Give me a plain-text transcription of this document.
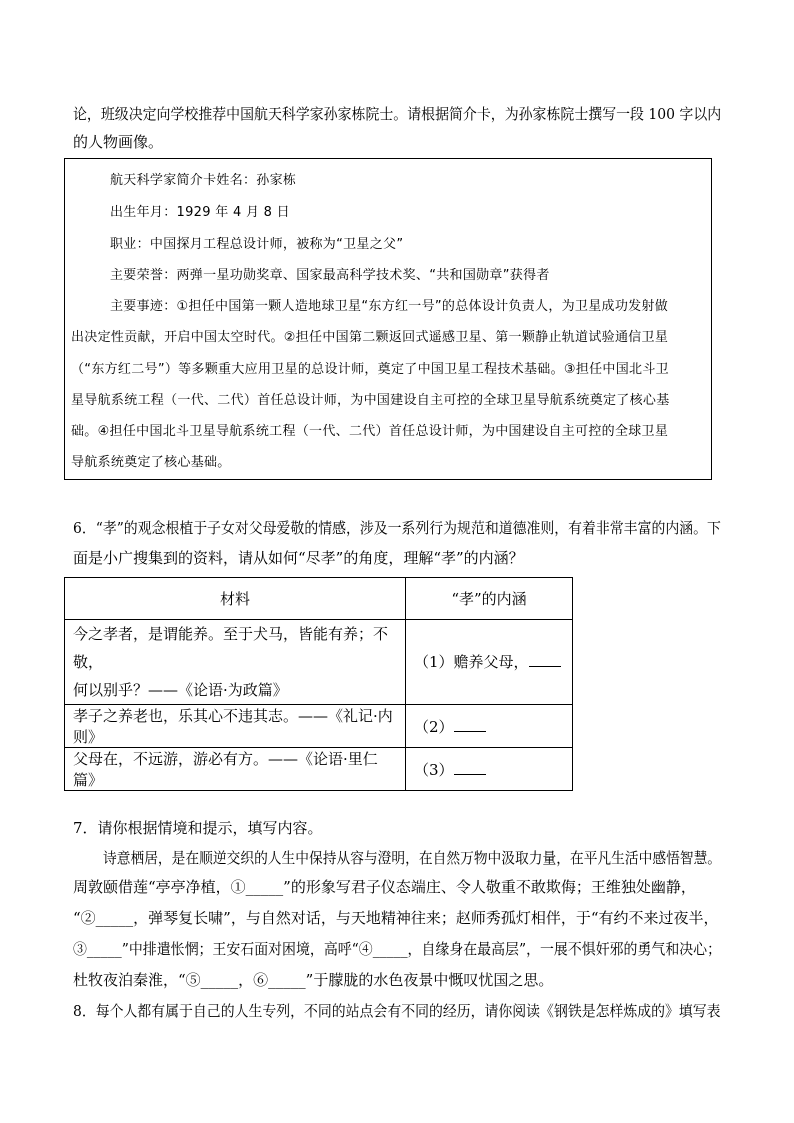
论，班级决定向学校推荐中国航天科学家孙家栋院士。请根据简介卡，为孙家栋院士撰写一段 100 字以内
的人物画像。
航天科学家简介卡姓名：孙家栋
出生年月：1929 年 4 月 8 日
职业：中国探月工程总设计师，被称为“卫星之父”
主要荣誉：两弹一星功勋奖章、国家最高科学技术奖、“共和国勋章”获得者
主要事迹：①担任中国第一颗人造地球卫星“东方红一号”的总体设计负责人，为卫星成功发射做
出决定性贡献，开启中国太空时代。②担任中国第二颗返回式遥感卫星、第一颗静止轨道试验通信卫星
（“东方红二号”）等多颗重大应用卫星的总设计师，奠定了中国卫星工程技术基础。③担任中国北斗卫
星导航系统工程（一代、二代）首任总设计师，为中国建设自主可控的全球卫星导航系统奠定了核心基
础。④担任中国北斗卫星导航系统工程（一代、二代）首任总设计师，为中国建设自主可控的全球卫星
导航系统奠定了核心基础。
6．“孝”的观念根植于子女对父母爱敬的情感，涉及一系列行为规范和道德准则，有着非常丰富的内涵。下
面是小广搜集到的资料，请从如何“尽孝”的角度，理解“孝”的内涵？
材料	“孝”的内涵

今之孝者，是谓能养。至于犬马，皆能有养；不敬，
何以别乎？——《论语·为政篇》	（1）赡养父母，
孝子之养老也，乐其心不违其志。——《礼记·内则》	（2）
父母在，不远游，游必有方。——《论语·里仁篇》	（3）
7．请你根据情境和提示，填写内容。
诗意栖居，是在顺逆交织的人生中保持从容与澄明，在自然万物中汲取力量，在平凡生活中感悟智慧。
周敦颐借莲“亭亭净植，①_____”的形象写君子仪态端庄、令人敬重不敢欺侮；王维独处幽静，
“②_____，弹琴复长啸”，与自然对话，与天地精神往来；赵师秀孤灯相伴，于“有约不来过夜半，
③_____”中排遣怅惘；王安石面对困境，高呼“④_____，自缘身在最高层”，一展不惧奸邪的勇气和决心；
杜牧夜泊秦淮，“⑤_____，⑥_____”于朦胧的水色夜景中慨叹忧国之思。
8．每个人都有属于自己的人生专列，不同的站点会有不同的经历，请你阅读《钢铁是怎样炼成的》填写表
